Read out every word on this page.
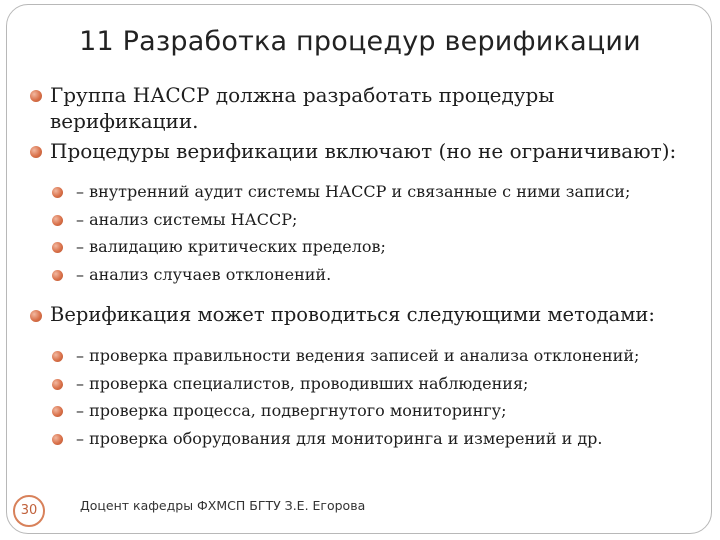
11 Разработка процедур верификации
Группа НАССР должна разработать процедуры верификации.
Процедуры верификации включают (но не ограничивают):
– внутренний аудит системы НАССР и связанные с ними записи;
– анализ системы НАССР;
– валидацию критических пределов;
– анализ случаев отклонений.
Верификация может проводиться следующими методами:
– проверка правильности ведения записей и анализа отклонений;
– проверка специалистов, проводивших наблюдения;
– проверка процесса, подвергнутого мониторингу;
– проверка оборудования для мониторинга и измерений и др.
30	Доцент кафедры ФХМСП БГТУ З.Е. Егорова
